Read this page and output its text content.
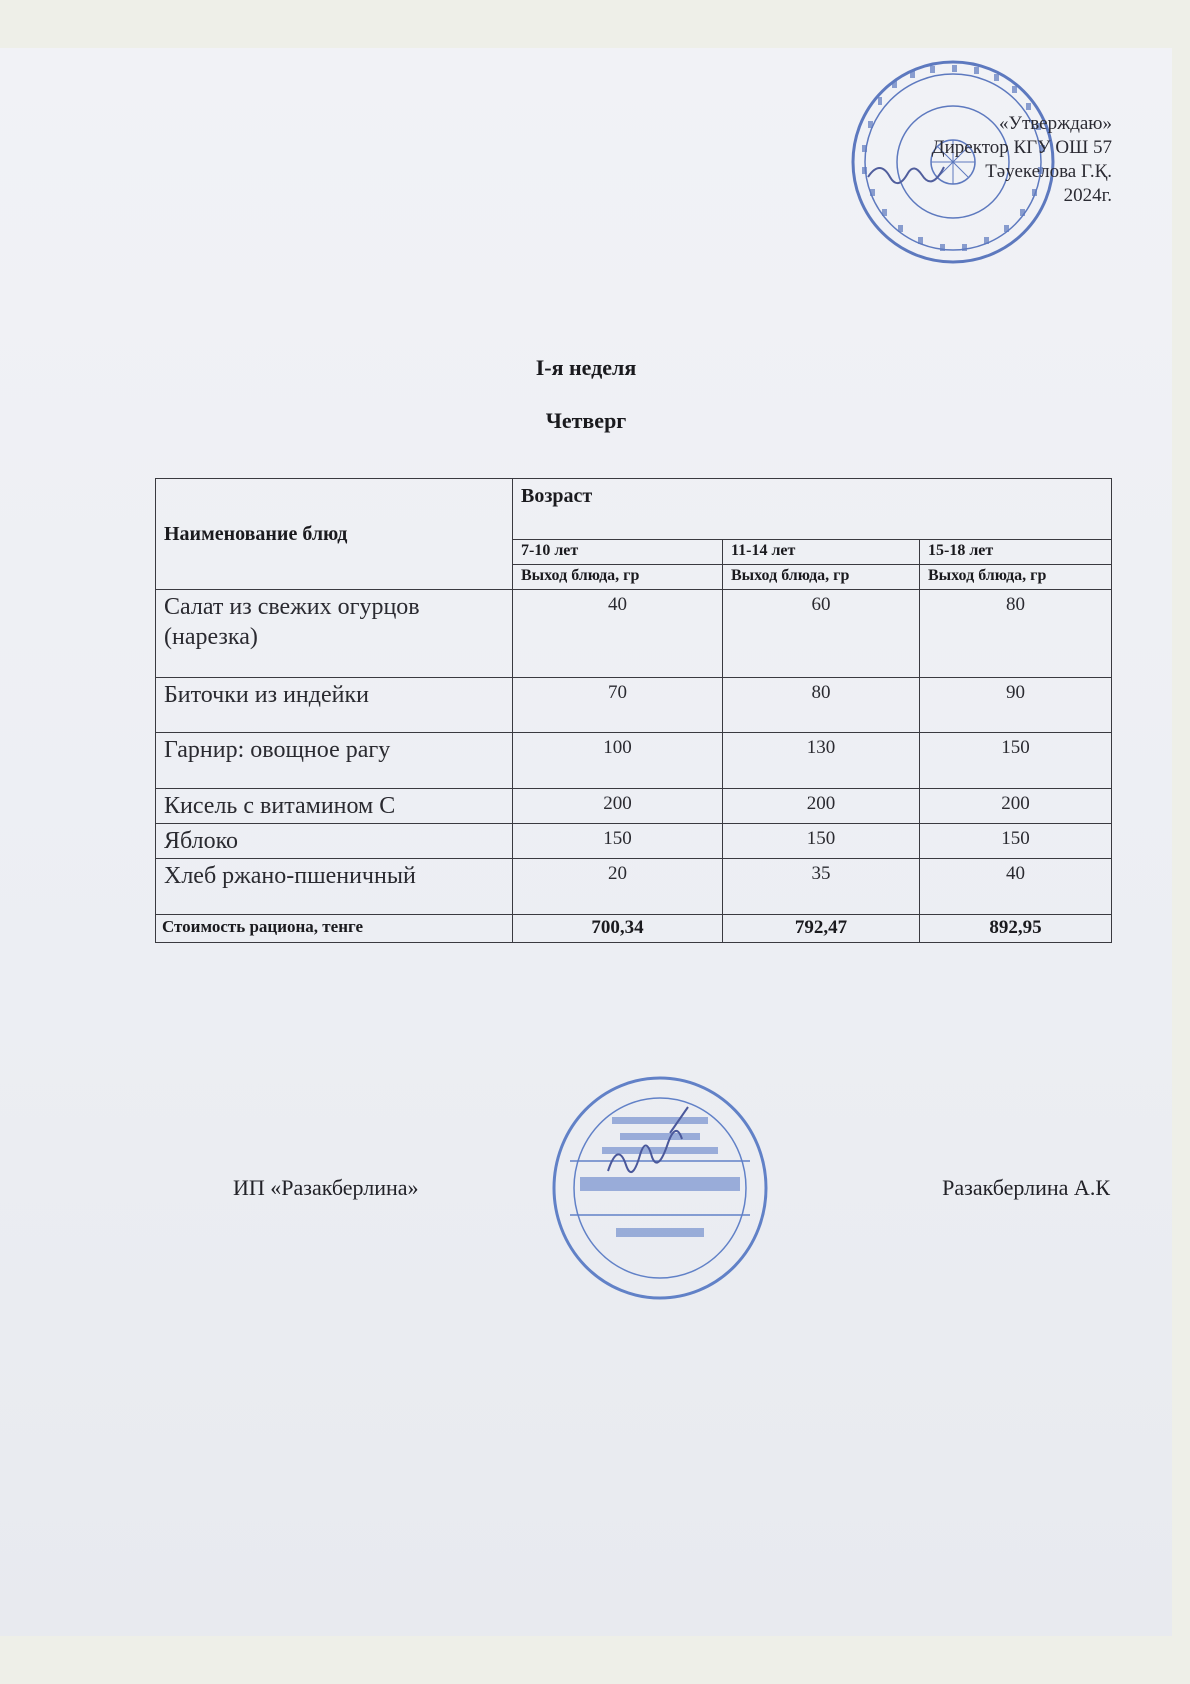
«Утверждаю»
Директор КГУ ОШ 57
Тәуекелова Г.Қ.
2024г.
I-я неделя
Четверг
Наименование блюд	Возраст		
	7-10 лет	11-14 лет	15-18 лет
	Выход блюда, гр	Выход блюда, гр	Выход блюда, гр
Салат из свежих огурцов (нарезка)	40	60	80
Биточки из индейки	70	80	90
Гарнир: овощное рагу	100	130	150
Кисель с витамином С	200	200	200
Яблоко	150	150	150
Хлеб ржано-пшеничный	20	35	40
Стоимость рациона, тенге	700,34	792,47	892,95
ИП «Разакберлина»	Разакберлина А.К
